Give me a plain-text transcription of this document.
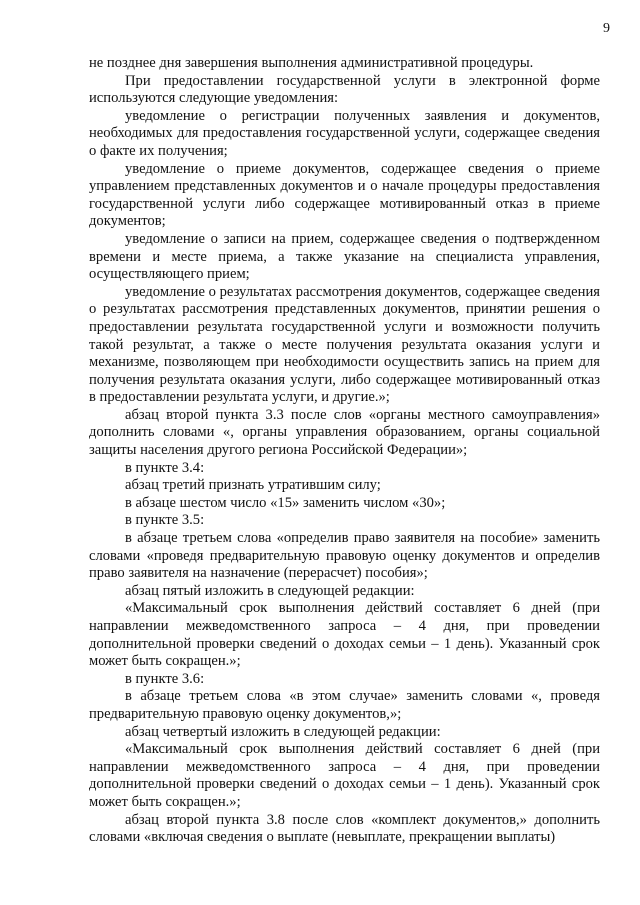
9

не позднее дня завершения выполнения административной процедуры.

При предоставлении государственной услуги в электронной форме используются следующие уведомления:

уведомление о регистрации полученных заявления и документов, необходимых для предоставления государственной услуги, содержащее сведения о факте их получения;

уведомление о приеме документов, содержащее сведения о приеме управлением представленных документов и о начале процедуры предоставления государственной услуги либо содержащее мотивированный отказ в приеме документов;

уведомление о записи на прием, содержащее сведения о подтвержденном времени и месте приема, а также указание на специалиста управления, осуществляющего прием;

уведомление о результатах рассмотрения документов, содержащее сведения о результатах рассмотрения представленных документов, принятии решения о предоставлении результата государственной услуги и возможности получить такой результат, а также о месте получения результата оказания услуги и механизме, позволяющем при необходимости осуществить запись на прием для получения результата оказания услуги, либо содержащее мотивированный отказ в предоставлении результата услуги, и другие.»;

абзац второй пункта 3.3 после слов «органы местного самоуправления» дополнить словами «, органы управления образованием, органы социальной защиты населения другого региона Российской Федерации»;

в пункте 3.4:

абзац третий признать утратившим силу;

в абзаце шестом число «15» заменить числом «30»;

в пункте 3.5:

в абзаце третьем слова «определив право заявителя на пособие» заменить словами «проведя предварительную правовую оценку документов и определив право заявителя на назначение (перерасчет) пособия»;

абзац пятый изложить в следующей редакции:

«Максимальный срок выполнения действий составляет 6 дней (при направлении межведомственного запроса – 4 дня, при проведении дополнительной проверки сведений о доходах семьи – 1 день). Указанный срок может быть сокращен.»;

в пункте 3.6:

в абзаце третьем слова «в этом случае» заменить словами «, проведя предварительную правовую оценку документов,»;

абзац четвертый изложить в следующей редакции:

«Максимальный срок выполнения действий составляет 6 дней (при направлении межведомственного запроса – 4 дня, при проведении дополнительной проверки сведений о доходах семьи – 1 день). Указанный срок может быть сокращен.»;

абзац второй пункта 3.8 после слов «комплект документов,» дополнить словами «включая сведения о выплате (невыплате, прекращении выплаты)
